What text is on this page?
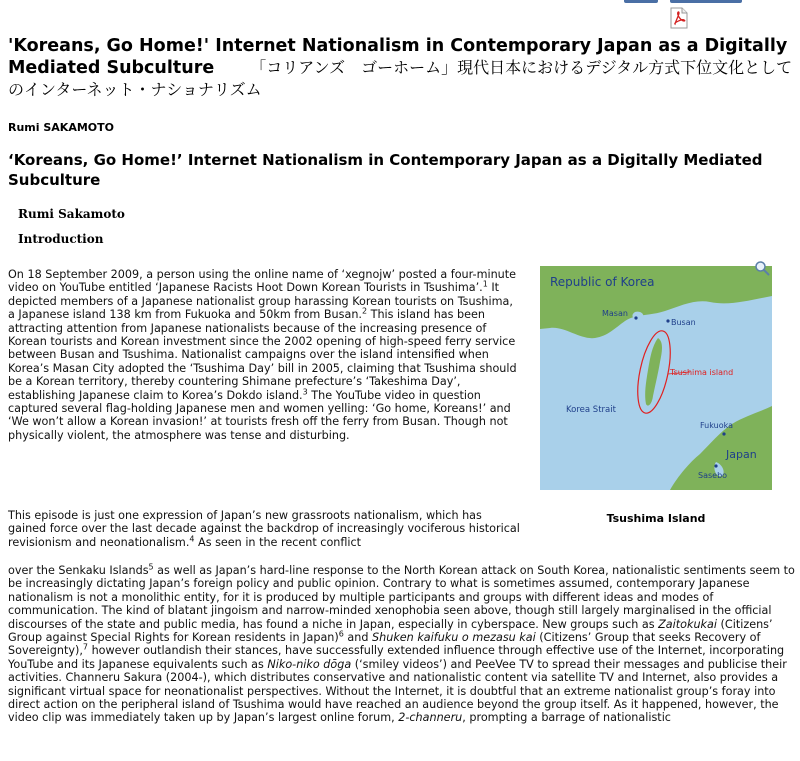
'Koreans, Go Home!' Internet Nationalism in Contemporary Japan as a Digitally Mediated Subculture 「コリアンズ　ゴーホーム」現代日本におけるデジタル方式下位文化としてのインターネット・ナショナリズム
Rumi SAKAMOTO
‘Koreans, Go Home!’ Internet Nationalism in Contemporary Japan as a Digitally Mediated Subculture
Rumi Sakamoto
Introduction

On 18 September 2009, a person using the online name of ‘xegnojw’ posted a four-minute video on YouTube entitled ‘Japanese Racists Hoot Down Korean Tourists in Tsushima’.$^1$ It depicted members of a Japanese nationalist group harassing Korean tourists on Tsushima, a Japanese island 138 km from Fukuoka and 50km from Busan.$^2$ This island has been attracting attention from Japanese nationalists because of the increasing presence of Korean tourists and Korean investment since the 2002 opening of high-speed ferry service between Busan and Tsushima. Nationalist campaigns over the island intensified when Korea’s Masan City adopted the ‘Tsushima Day’ bill in 2005, claiming that Tsushima should be a Korean territory, thereby countering Shimane prefecture’s ‘Takeshima Day’, establishing Japanese claim to Korea’s Dokdo island.$^3$ The YouTube video in question captured several flag-holding Japanese men and women yelling: ‘Go home, Koreans!’ and ‘We won’t allow a Korean invasion!’ at tourists fresh off the ferry from Busan. Though not physically violent, the atmosphere was tense and disturbing.

This episode is just one expression of Japan’s new grassroots nationalism, which has gained force over the last decade against the backdrop of increasingly vociferous historical revisionism and neonationalism.$^4$ As seen in the recent conflict

over the Senkaku Islands$^5$ as well as Japan’s hard-line response to the North Korean attack on South Korea, nationalistic sentiments seem to be increasingly dictating Japan’s foreign policy and public opinion. Contrary to what is sometimes assumed, contemporary Japanese nationalism is not a monolithic entity, for it is produced by multiple participants and groups with different ideas and modes of communication. The kind of blatant jingoism and narrow-minded xenophobia seen above, though still largely marginalised in the official discourses of the state and public media, has found a niche in Japan, especially in cyberspace. New groups such as Zaitokukai (Citizens’ Group against Special Rights for Korean residents in Japan)$^6$ and Shuken kaifuku o mezasu kai (Citizens’ Group that seeks Recovery of Sovereignty),$^7$ however outlandish their stances, have successfully extended influence through effective use of the Internet, incorporating YouTube and its Japanese equivalents such as Niko-niko dōga (‘smiley videos’) and PeeVee TV to spread their messages and publicise their activities. Channeru Sakura (2004-), which distributes conservative and nationalistic content via satellite TV and Internet, also provides a significant virtual space for neonationalist perspectives. Without the Internet, it is doubtful that an extreme nationalist group’s foray into direct action on the peripheral island of Tsushima would have reached an audience beyond the group itself. As it happened, however, the video clip was immediately taken up by Japan’s largest online forum, 2-channeru, prompting a barrage of nationalistic

Republic of Korea
Masan
Busan
Tsushima island
Korea Strait
Fukuoka
Japan
Sasebo
Tsushima Island
